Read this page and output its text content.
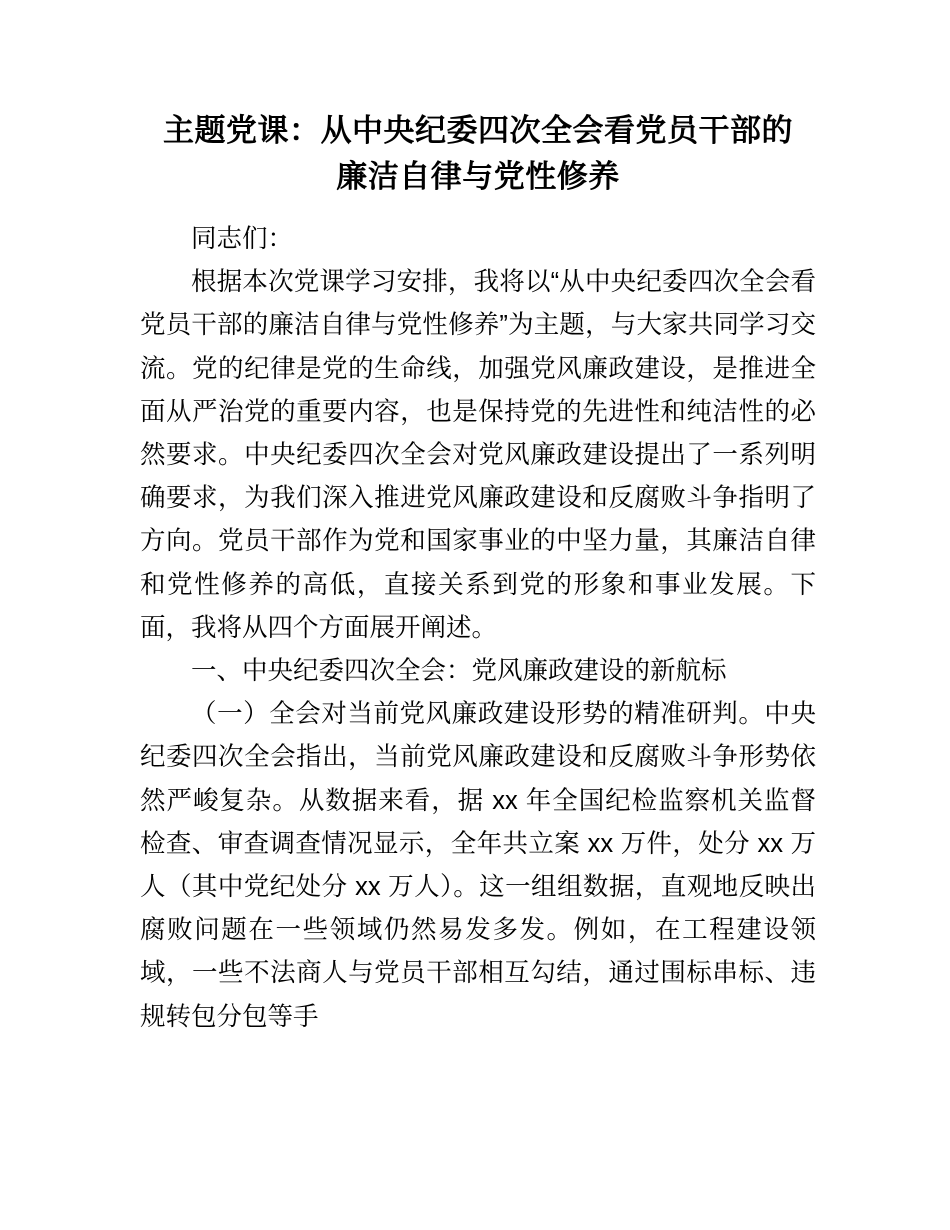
主题党课：从中央纪委四次全会看党员干部的
廉洁自律与党性修养

同志们：

根据本次党课学习安排，我将以“从中央纪委四次全会看党员干部的廉洁自律与党性修养”为主题，与大家共同学习交流。党的纪律是党的生命线，加强党风廉政建设，是推进全面从严治党的重要内容，也是保持党的先进性和纯洁性的必然要求。中央纪委四次全会对党风廉政建设提出了一系列明确要求，为我们深入推进党风廉政建设和反腐败斗争指明了方向。党员干部作为党和国家事业的中坚力量，其廉洁自律和党性修养的高低，直接关系到党的形象和事业发展。下面，我将从四个方面展开阐述。

一、中央纪委四次全会：党风廉政建设的新航标

（一）全会对当前党风廉政建设形势的精准研判。中央纪委四次全会指出，当前党风廉政建设和反腐败斗争形势依然严峻复杂。从数据来看，据 xx 年全国纪检监察机关监督检查、审查调查情况显示，全年共立案 xx 万件，处分 xx 万人（其中党纪处分 xx 万人）。这一组组数据，直观地反映出腐败问题在一些领域仍然易发多发。例如，在工程建设领域，一些不法商人与党员干部相互勾结，通过围标串标、违规转包分包等手
